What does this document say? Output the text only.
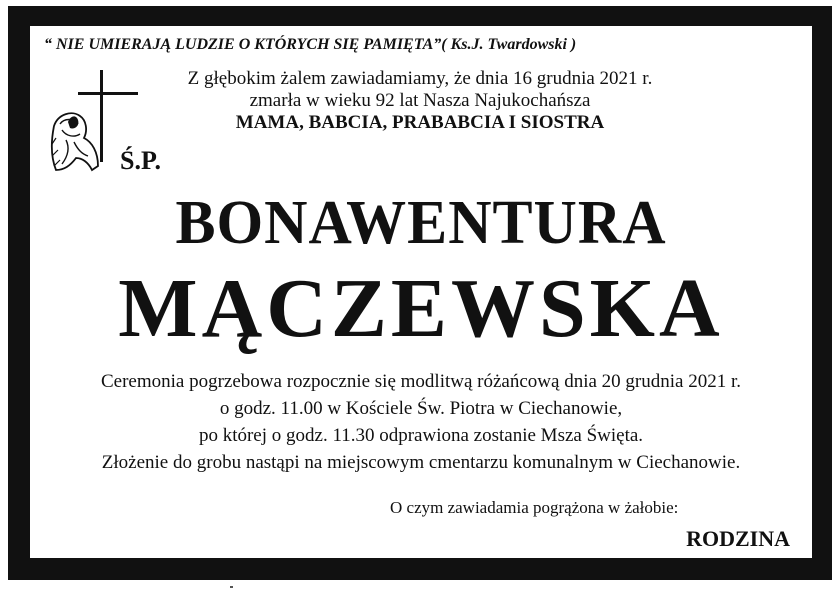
“ NIE UMIERAJĄ LUDZIE O KTÓRYCH SIĘ PAMIĘTA”( Ks.J. Twardowski )
Ś.P.
Z głębokim żalem zawiadamiamy, że dnia 16 grudnia 2021 r.
zmarła w wieku 92 lat Nasza Najukochańsza
MAMA, BABCIA, PRABABCIA I SIOSTRA
BONAWENTURA
MĄCZEWSKA
Ceremonia pogrzebowa rozpocznie się modlitwą różańcową dnia 20 grudnia 2021 r.
o godz. 11.00 w Kościele Św. Piotra w Ciechanowie,
po której o godz. 11.30 odprawiona zostanie Msza Święta.
Złożenie do grobu nastąpi na miejscowym cmentarzu komunalnym w Ciechanowie.
O czym zawiadamia pogrążona w żałobie:
RODZINA
